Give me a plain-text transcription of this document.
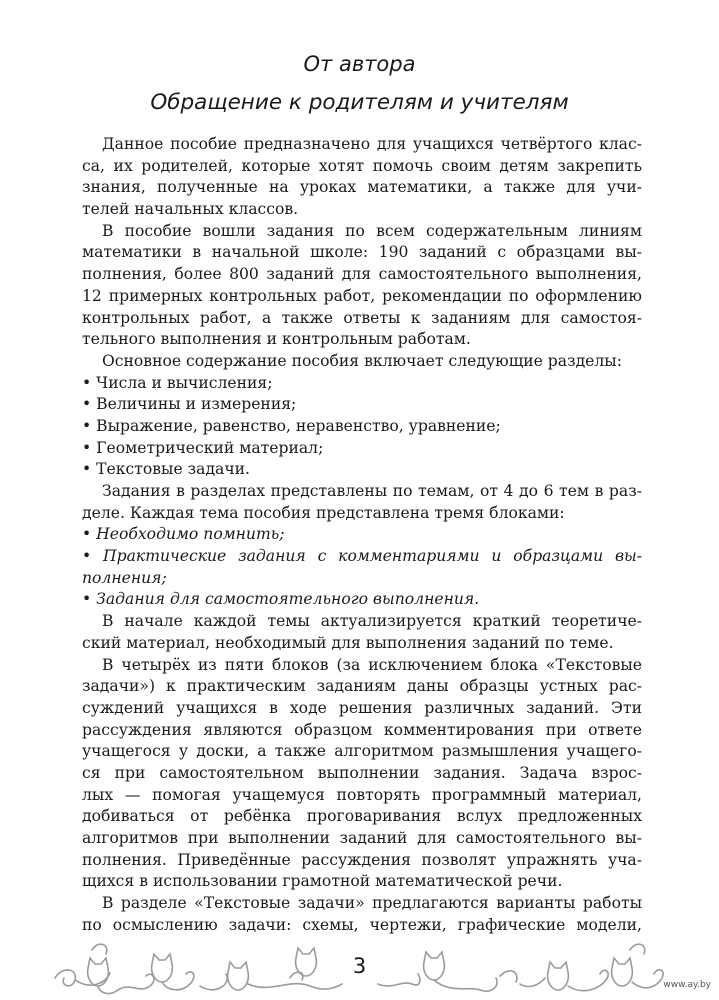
От автора
Обращение к родителям и учителям
Данное пособие предназначено для учащихся четвёртого клас-
са, их родителей, которые хотят помочь своим детям закрепить
знания, полученные на уроках математики, а также для учи-
телей начальных классов.
В пособие вошли задания по всем содержательным линиям
математики в начальной школе: 190 заданий с образцами вы-
полнения, более 800 заданий для самостоятельного выполнения,
12 примерных контрольных работ, рекомендации по оформлению
контрольных работ, а также ответы к заданиям для самостоя-
тельного выполнения и контрольным работам.
Основное содержание пособия включает следующие разделы:
• Числа и вычисления;
• Величины и измерения;
• Выражение, равенство, неравенство, уравнение;
• Геометрический материал;
• Текстовые задачи.
Задания в разделах представлены по темам, от 4 до 6 тем в раз-
деле. Каждая тема пособия представлена тремя блоками:
• Необходимо помнить;
• Практические задания с комментариями и образцами вы-
полнения;
• Задания для самостоятельного выполнения.
В начале каждой темы актуализируется краткий теоретиче-
ский материал, необходимый для выполнения заданий по теме.
В четырёх из пяти блоков (за исключением блока «Текстовые
задачи») к практическим заданиям даны образцы устных рас-
суждений учащихся в ходе решения различных заданий. Эти
рассуждения являются образцом комментирования при ответе
учащегося у доски, а также алгоритмом размышления учащего-
ся при самостоятельном выполнении задания. Задача взрос-
лых — помогая учащемуся повторять программный материал,
добиваться от ребёнка проговаривания вслух предложенных
алгоритмов при выполнении заданий для самостоятельного вы-
полнения. Приведённые рассуждения позволят упражнять уча-
щихся в использовании грамотной математической речи.
В разделе «Текстовые задачи» предлагаются варианты работы
по осмыслению задачи: схемы, чертежи, графические модели,
3
www.ay.by
